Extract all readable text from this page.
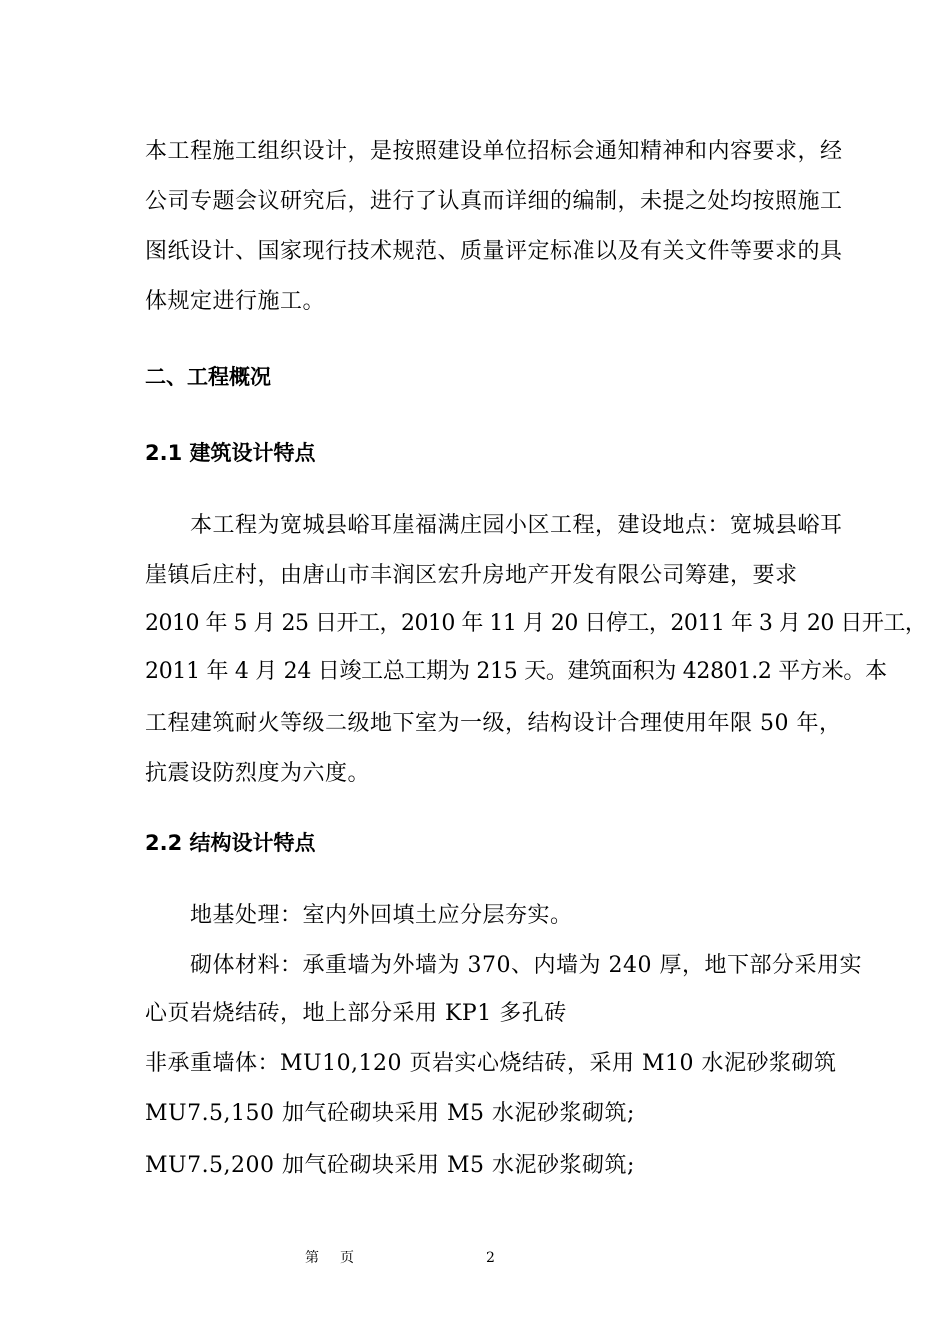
本工程施工组织设计，是按照建设单位招标会通知精神和内容要求，经
公司专题会议研究后，进行了认真而详细的编制，未提之处均按照施工
图纸设计、国家现行技术规范、质量评定标准以及有关文件等要求的具
体规定进行施工。
二、工程概况
2.1 建筑设计特点
本工程为宽城县峪耳崖福满庄园小区工程，建设地点：宽城县峪耳
崖镇后庄村，由唐山市丰润区宏升房地产开发有限公司筹建，要求
2010 年 5 月 25 日开工，2010 年 11 月 20 日停工，2011 年 3 月 20 日开工，
2011 年 4 月 24 日竣工总工期为 215 天。建筑面积为 42801.2 平方米。本
工程建筑耐火等级二级地下室为一级，结构设计合理使用年限 50 年，
抗震设防烈度为六度。
2.2 结构设计特点
地基处理：室内外回填土应分层夯实。
砌体材料：承重墙为外墙为 370、内墙为 240 厚，地下部分采用实
心页岩烧结砖，地上部分采用 KP1 多孔砖
非承重墙体：MU10,120 页岩实心烧结砖，采用 M10 水泥砂浆砌筑
MU7.5,150 加气砼砌块采用 M5 水泥砂浆砌筑;
MU7.5,200 加气砼砌块采用 M5 水泥砂浆砌筑;
第 页	2
